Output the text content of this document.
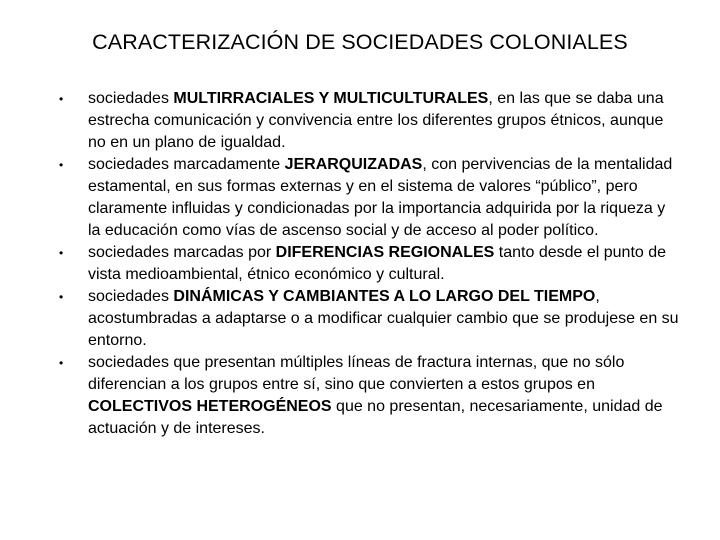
CARACTERIZACIÓN DE SOCIEDADES COLONIALES
• sociedades MULTIRRACIALES Y MULTICULTURALES, en las que se daba una estrecha comunicación y convivencia entre los diferentes grupos étnicos, aunque no en un plano de igualdad.
• sociedades marcadamente JERARQUIZADAS, con pervivencias de la mentalidad estamental, en sus formas externas y en el sistema de valores “público”, pero claramente influidas y condicionadas por la importancia adquirida por la riqueza y la educación como vías de ascenso social y de acceso al poder político.
• sociedades marcadas por DIFERENCIAS REGIONALES tanto desde el punto de vista medioambiental, étnico económico y cultural.
• sociedades DINÁMICAS Y CAMBIANTES A LO LARGO DEL TIEMPO, acostumbradas a adaptarse o a modificar cualquier cambio que se produjese en su entorno.
• sociedades que presentan múltiples líneas de fractura internas, que no sólo diferencian a los grupos entre sí, sino que convierten a estos grupos en COLECTIVOS HETEROGÉNEOS que no presentan, necesariamente, unidad de actuación y de intereses.
